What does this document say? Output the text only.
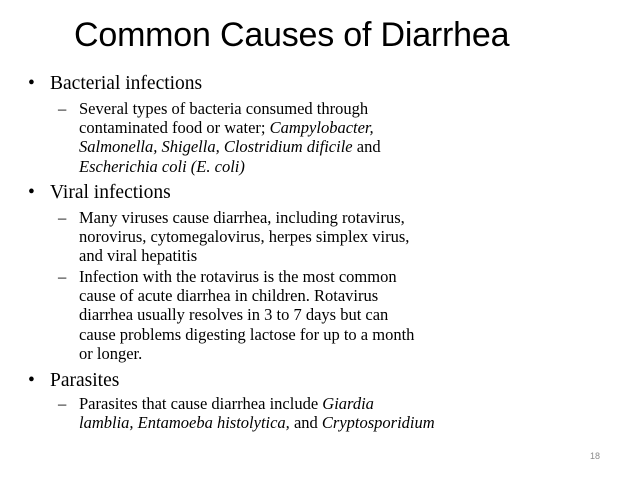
Common Causes of Diarrhea
• Bacterial infections
– Several types of bacteria consumed through
contaminated food or water; Campylobacter,
Salmonella, Shigella, Clostridium dificile and
Escherichia coli (E. coli)
• Viral infections
– Many viruses cause diarrhea, including rotavirus,
norovirus, cytomegalovirus, herpes simplex virus,
and viral hepatitis
– Infection with the rotavirus is the most common
cause of acute diarrhea in children. Rotavirus
diarrhea usually resolves in 3 to 7 days but can
cause problems digesting lactose for up to a month
or longer.
• Parasites
– Parasites that cause diarrhea include Giardia
lamblia, Entamoeba histolytica, and Cryptosporidium
18
